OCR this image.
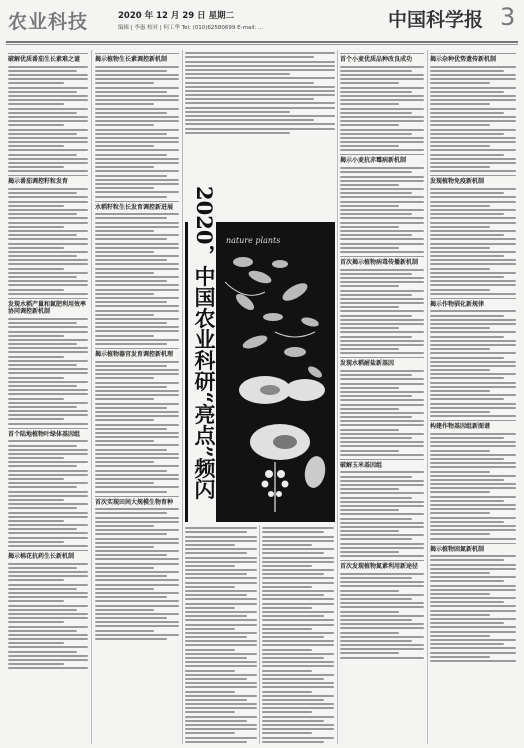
农业科技	2020 年 12 月 29 日 星期二
编辑 | 李惠 校对 | 何工华 Tel: (010)62580699 E-mail: ...	中国科学报 3
破解优质番茄生长素难之谜
揭示番茄调控籽粒发育
发现水稻产量和氮肥利用效率协同调控新机制
首个陆地植物叶绿体基因组
揭示棉花抗药生长新机制
揭示植物生长素调控新机制
水稻籽粒生长发育调控新进展
揭示植物器官发育调控新机理
首次实现田间大规模生物育种
2020，中国农业科研“亮点”频闪 nature plants
首个小麦优质品种改良成功
揭示小麦抗赤霉病新机制
首次揭示植物病毒传播新机制
发现水稻耐盐新基因
破解玉米基因组
首次发现植物氮素利用新途径
揭示杂种优势遗传新机制
发现植物免疫新机制
揭示作物驯化新规律
构建作物基因组新图谱
揭示植物固氮新机制
